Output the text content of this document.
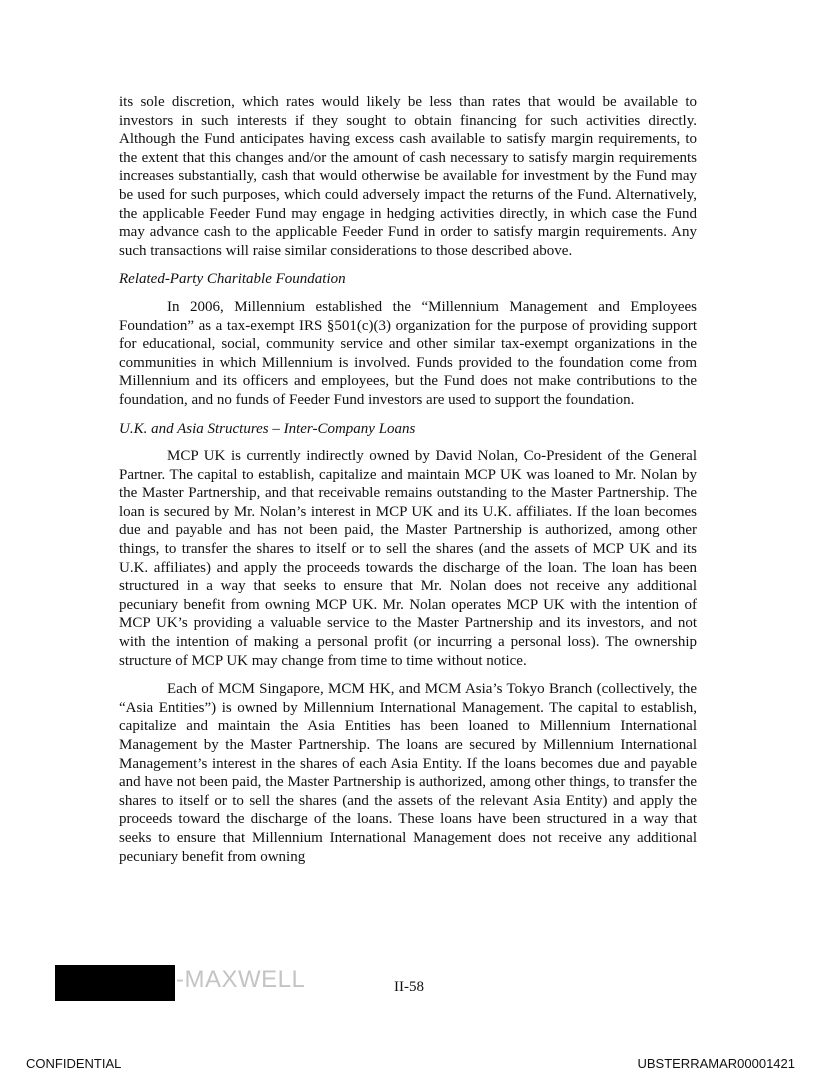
its sole discretion, which rates would likely be less than rates that would be available to investors in such interests if they sought to obtain financing for such activities directly. Although the Fund anticipates having excess cash available to satisfy margin requirements, to the extent that this changes and/or the amount of cash necessary to satisfy margin requirements increases substantially, cash that would otherwise be available for investment by the Fund may be used for such purposes, which could adversely impact the returns of the Fund. Alternatively, the applicable Feeder Fund may engage in hedging activities directly, in which case the Fund may advance cash to the applicable Feeder Fund in order to satisfy margin requirements. Any such transactions will raise similar considerations to those described above.

Related-Party Charitable Foundation

In 2006, Millennium established the “Millennium Management and Employees Foundation” as a tax-exempt IRS §501(c)(3) organization for the purpose of providing support for educational, social, community service and other similar tax-exempt organizations in the communities in which Millennium is involved. Funds provided to the foundation come from Millennium and its officers and employees, but the Fund does not make contributions to the foundation, and no funds of Feeder Fund investors are used to support the foundation.

U.K. and Asia Structures – Inter-Company Loans

MCP UK is currently indirectly owned by David Nolan, Co-President of the General Partner. The capital to establish, capitalize and maintain MCP UK was loaned to Mr. Nolan by the Master Partnership, and that receivable remains outstanding to the Master Partnership. The loan is secured by Mr. Nolan’s interest in MCP UK and its U.K. affiliates. If the loan becomes due and payable and has not been paid, the Master Partnership is authorized, among other things, to transfer the shares to itself or to sell the shares (and the assets of MCP UK and its U.K. affiliates) and apply the proceeds towards the discharge of the loan. The loan has been structured in a way that seeks to ensure that Mr. Nolan does not receive any additional pecuniary benefit from owning MCP UK. Mr. Nolan operates MCP UK with the intention of MCP UK’s providing a valuable service to the Master Partnership and its investors, and not with the intention of making a personal profit (or incurring a personal loss). The ownership structure of MCP UK may change from time to time without notice.

Each of MCM Singapore, MCM HK, and MCM Asia’s Tokyo Branch (collectively, the “Asia Entities”) is owned by Millennium International Management. The capital to establish, capitalize and maintain the Asia Entities has been loaned to Millennium International Management by the Master Partnership. The loans are secured by Millennium International Management’s interest in the shares of each Asia Entity. If the loans becomes due and payable and have not been paid, the Master Partnership is authorized, among other things, to transfer the shares to itself or to sell the shares (and the assets of the relevant Asia Entity) and apply the proceeds toward the discharge of the loans. These loans have been structured in a way that seeks to ensure that Millennium International Management does not receive any additional pecuniary benefit from owning

-MAXWELL	II-58
CONFIDENTIAL	UBSTERRAMAR00001421
